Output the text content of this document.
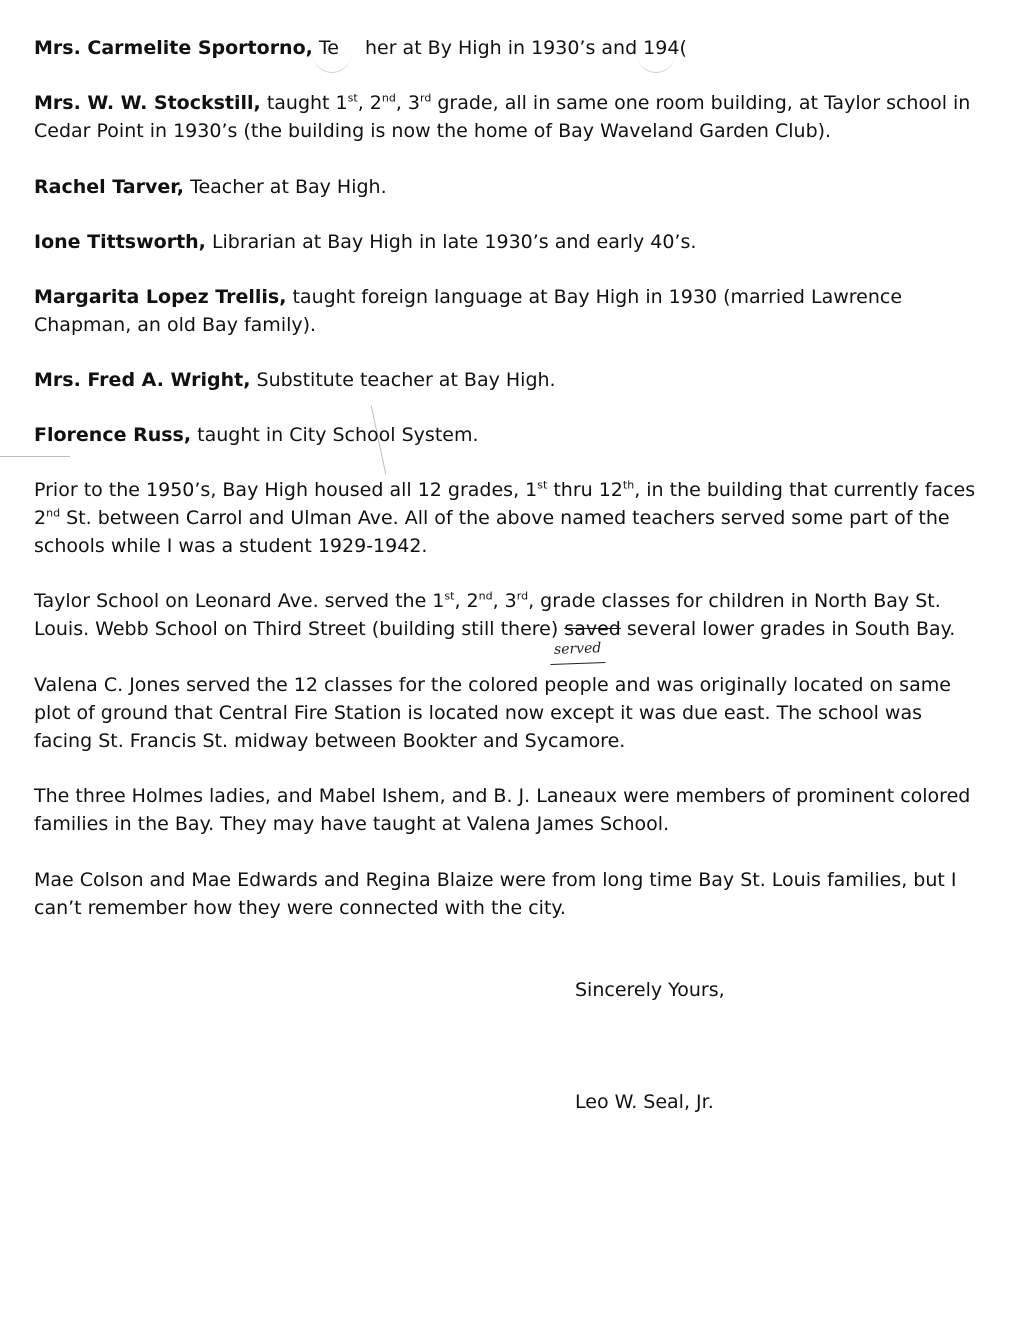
Mrs. Carmelite Sportorno, Te her at By High in 1930’s and 194(

Mrs. W. W. Stockstill, taught 1st, 2nd, 3rd grade, all in same one room building, at Taylor school in Cedar Point in 1930’s (the building is now the home of Bay Waveland Garden Club).

Rachel Tarver, Teacher at Bay High.

Ione Tittsworth, Librarian at Bay High in late 1930’s and early 40’s.

Margarita Lopez Trellis, taught foreign language at Bay High in 1930 (married Lawrence Chapman, an old Bay family).

Mrs. Fred A. Wright, Substitute teacher at Bay High.

Florence Russ, taught in City School System.

Prior to the 1950’s, Bay High housed all 12 grades, 1st thru 12th, in the building that currently faces 2nd St. between Carrol and Ulman Ave. All of the above named teachers served some part of the schools while I was a student 1929-1942.

Taylor School on Leonard Ave. served the 1st, 2nd, 3rd, grade classes for children in North Bay St. Louis. Webb School on Third Street (building still there) saved several lower grades in South Bay.

served

Valena C. Jones served the 12 classes for the colored people and was originally located on same plot of ground that Central Fire Station is located now except it was due east. The school was facing St. Francis St. midway between Bookter and Sycamore.

The three Holmes ladies, and Mabel Ishem, and B. J. Laneaux were members of prominent colored families in the Bay. They may have taught at Valena James School.

Mae Colson and Mae Edwards and Regina Blaize were from long time Bay St. Louis families, but I can’t remember how they were connected with the city.

Sincerely Yours,

Leo W. Seal, Jr.
